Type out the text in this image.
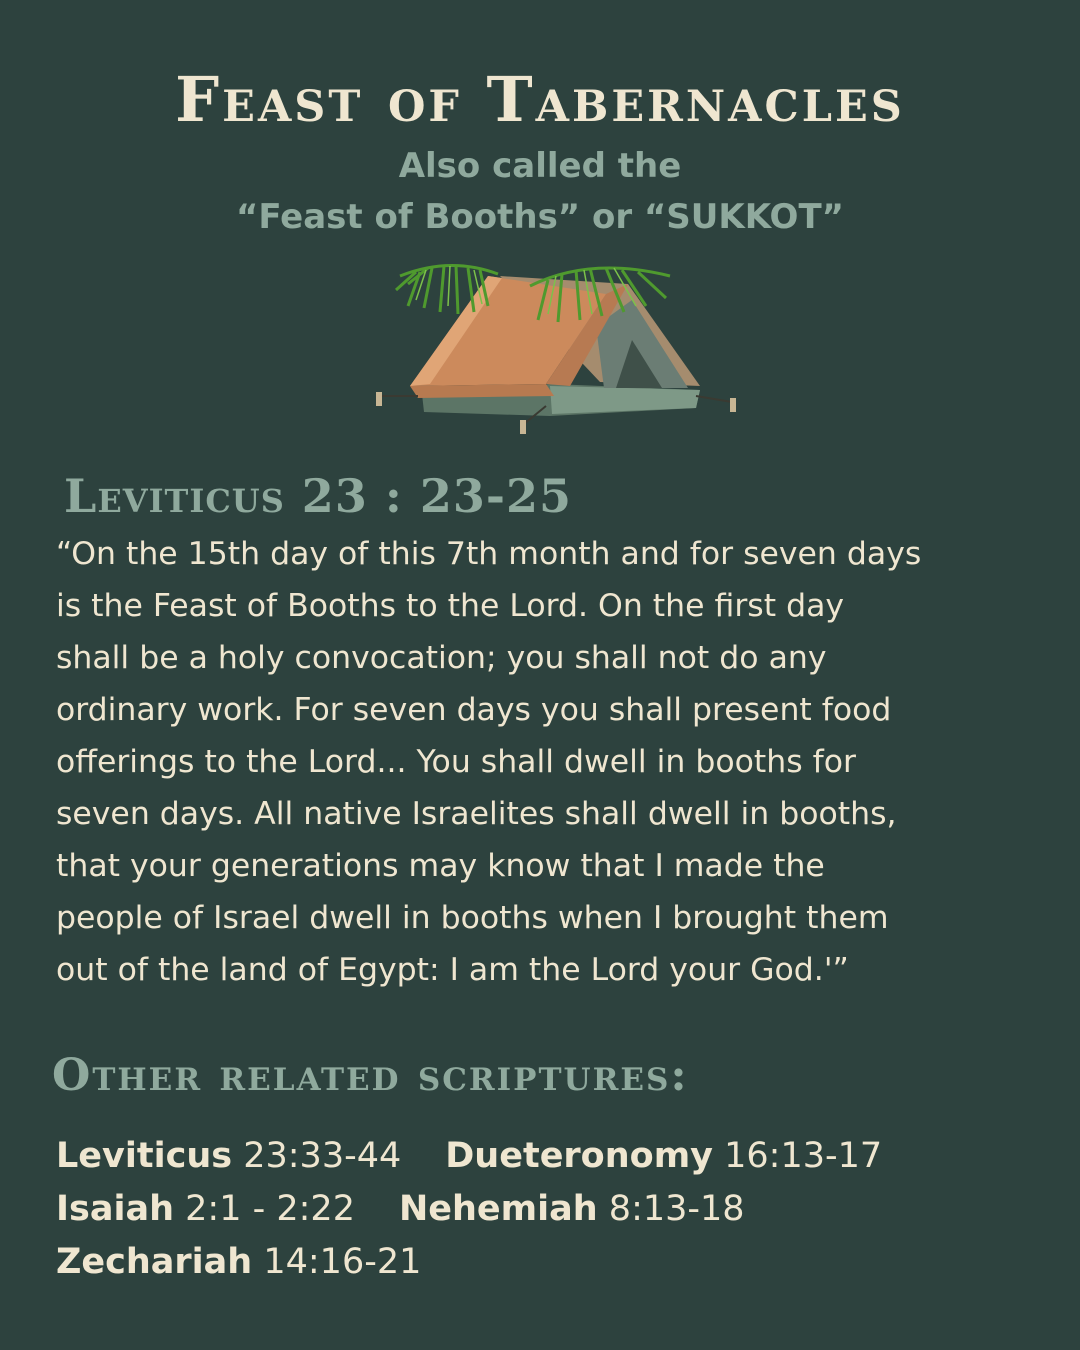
Feast of Tabernacles
Also called the
“Feast of Booths” or “SUKKOT”
Leviticus 23 : 23-25
“On the 15th day of this 7th month and for seven days
is the Feast of Booths to the Lord. On the first day
shall be a holy convocation; you shall not do any
ordinary work. For seven days you shall present food
offerings to the Lord... You shall dwell in booths for
seven days. All native Israelites shall dwell in booths,
that your generations may know that I made the
people of Israel dwell in booths when I brought them
out of the land of Egypt: I am the Lord your God.'”
Other related scriptures:
Leviticus 23:33-44 Dueteronomy 16:13-17
Isaiah 2:1 - 2:22 Nehemiah 8:13-18
Zechariah 14:16-21
